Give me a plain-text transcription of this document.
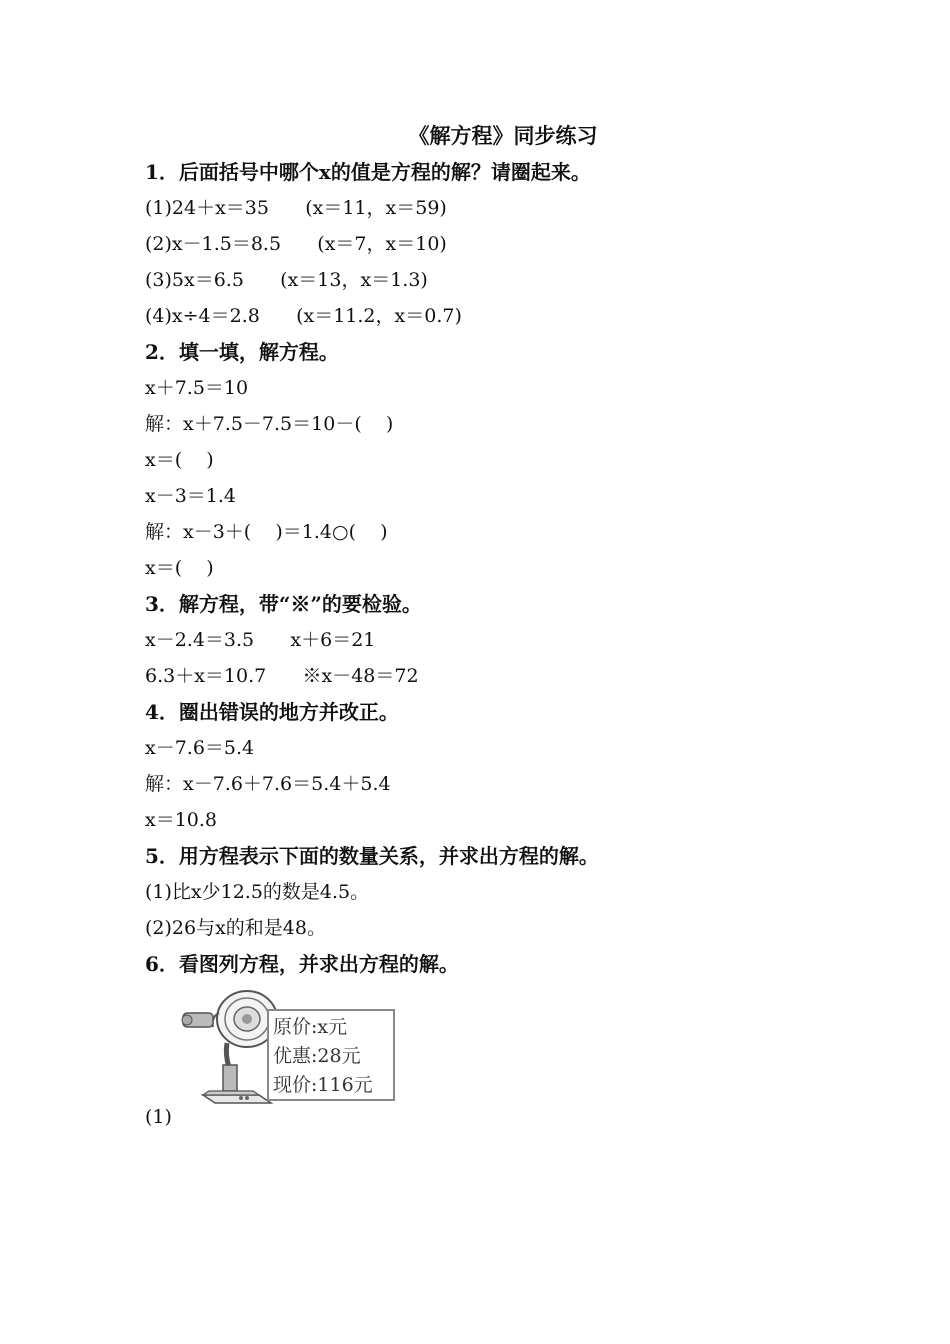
《解方程》同步练习
1．后面括号中哪个x的值是方程的解？请圈起来。
(1)24＋x＝35      (x＝11，x＝59)
(2)x－1.5＝8.5      (x＝7，x＝10)
(3)5x＝6.5      (x＝13，x＝1.3)
(4)x÷4＝2.8      (x＝11.2，x＝0.7)
2．填一填，解方程。
x＋7.5＝10
解：x＋7.5－7.5＝10－(    )
x＝(    )
x－3＝1.4
解：x－3＋(    )＝1.4○(    )
x＝(    )
3．解方程，带“※”的要检验。
x－2.4＝3.5      x＋6＝21
6.3＋x＝10.7      ※x－48＝72
4．圈出错误的地方并改正。
x－7.6＝5.4
解：x－7.6＋7.6＝5.4＋5.4
x＝10.8
5．用方程表示下面的数量关系，并求出方程的解。
(1)比x少12.5的数是4.5。
(2)26与x的和是48。
6．看图列方程，并求出方程的解。
原价:x元
优惠:28元
现价:116元
(1)
